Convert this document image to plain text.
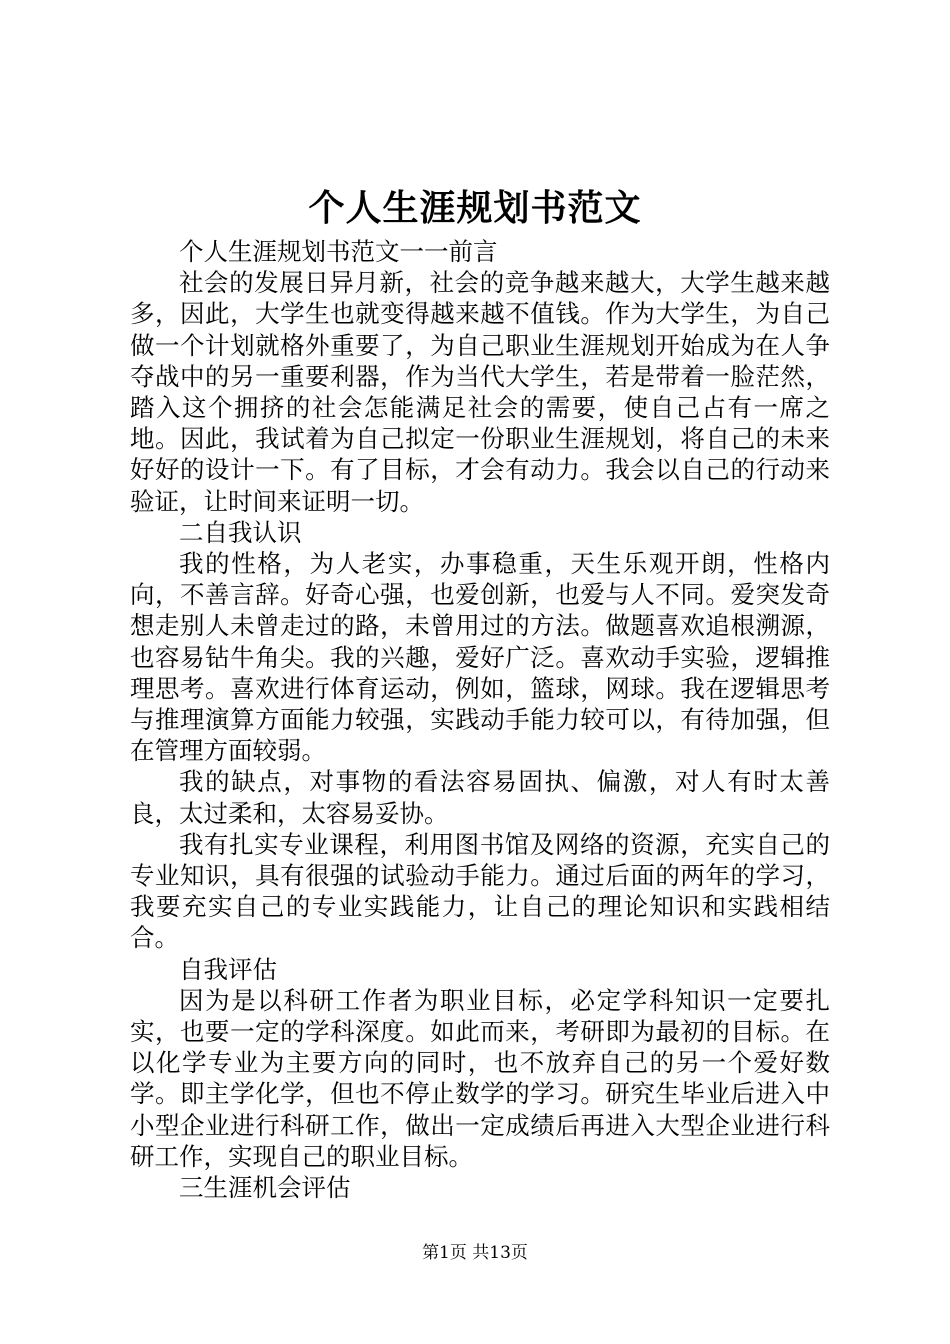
个人生涯规划书范文

个人生涯规划书范文一一前言

社会的发展日异月新，社会的竞争越来越大，大学生越来越多，因此，大学生也就变得越来越不值钱。作为大学生，为自己做一个计划就格外重要了，为自己职业生涯规划开始成为在人争夺战中的另一重要利器，作为当代大学生，若是带着一脸茫然，踏入这个拥挤的社会怎能满足社会的需要，使自己占有一席之地。因此，我试着为自己拟定一份职业生涯规划，将自己的未来好好的设计一下。有了目标，才会有动力。我会以自己的行动来验证，让时间来证明一切。

二自我认识

我的性格，为人老实，办事稳重，天生乐观开朗，性格内向，不善言辞。好奇心强，也爱创新，也爱与人不同。爱突发奇想走别人未曾走过的路，未曾用过的方法。做题喜欢追根溯源，也容易钻牛角尖。我的兴趣，爱好广泛。喜欢动手实验，逻辑推理思考。喜欢进行体育运动，例如，篮球，网球。我在逻辑思考与推理演算方面能力较强，实践动手能力较可以，有待加强，但在管理方面较弱。

我的缺点，对事物的看法容易固执、偏激，对人有时太善良，太过柔和，太容易妥协。

我有扎实专业课程，利用图书馆及网络的资源，充实自己的专业知识，具有很强的试验动手能力。通过后面的两年的学习，我要充实自己的专业实践能力，让自己的理论知识和实践相结合。

自我评估

因为是以科研工作者为职业目标，必定学科知识一定要扎实，也要一定的学科深度。如此而来，考研即为最初的目标。在以化学专业为主要方向的同时，也不放弃自己的另一个爱好数学。即主学化学，但也不停止数学的学习。研究生毕业后进入中小型企业进行科研工作，做出一定成绩后再进入大型企业进行科研工作，实现自己的职业目标。

三生涯机会评估

第1页 共13页
